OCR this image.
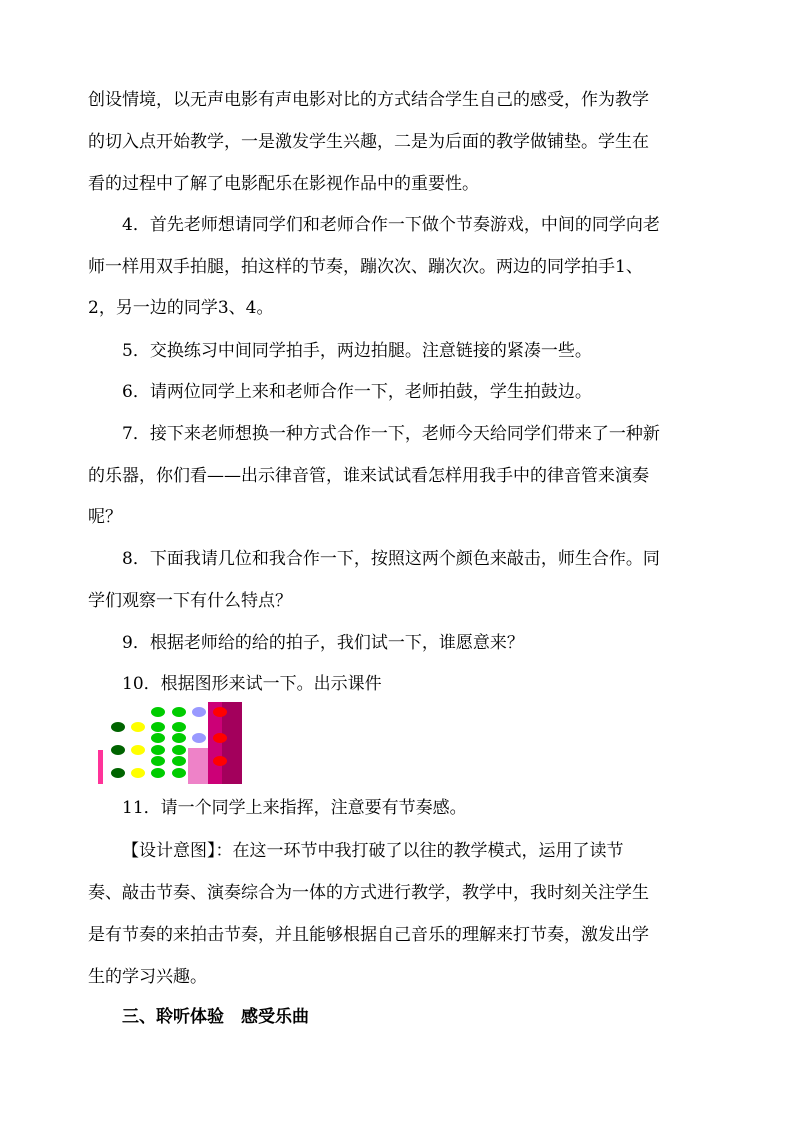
创设情境，以无声电影有声电影对比的方式结合学生自己的感受，作为教学
的切入点开始教学，一是激发学生兴趣，二是为后面的教学做铺垫。学生在
看的过程中了解了电影配乐在影视作品中的重要性。
4．首先老师想请同学们和老师合作一下做个节奏游戏，中间的同学向老
师一样用双手拍腿，拍这样的节奏，蹦次次、蹦次次。两边的同学拍手1、
2，另一边的同学3、4。
5．交换练习中间同学拍手，两边拍腿。注意链接的紧凑一些。
6．请两位同学上来和老师合作一下，老师拍鼓，学生拍鼓边。
7．接下来老师想换一种方式合作一下，老师今天给同学们带来了一种新
的乐器，你们看——出示律音管，谁来试试看怎样用我手中的律音管来演奏
呢？
8．下面我请几位和我合作一下，按照这两个颜色来敲击，师生合作。同
学们观察一下有什么特点？
9．根据老师给的给的拍子，我们试一下，谁愿意来？
10．根据图形来试一下。出示课件
11．请一个同学上来指挥，注意要有节奏感。
【设计意图】：在这一环节中我打破了以往的教学模式，运用了读节
奏、敲击节奏、演奏综合为一体的方式进行教学，教学中，我时刻关注学生
是有节奏的来拍击节奏，并且能够根据自己音乐的理解来打节奏，激发出学
生的学习兴趣。
三、聆听体验　感受乐曲
